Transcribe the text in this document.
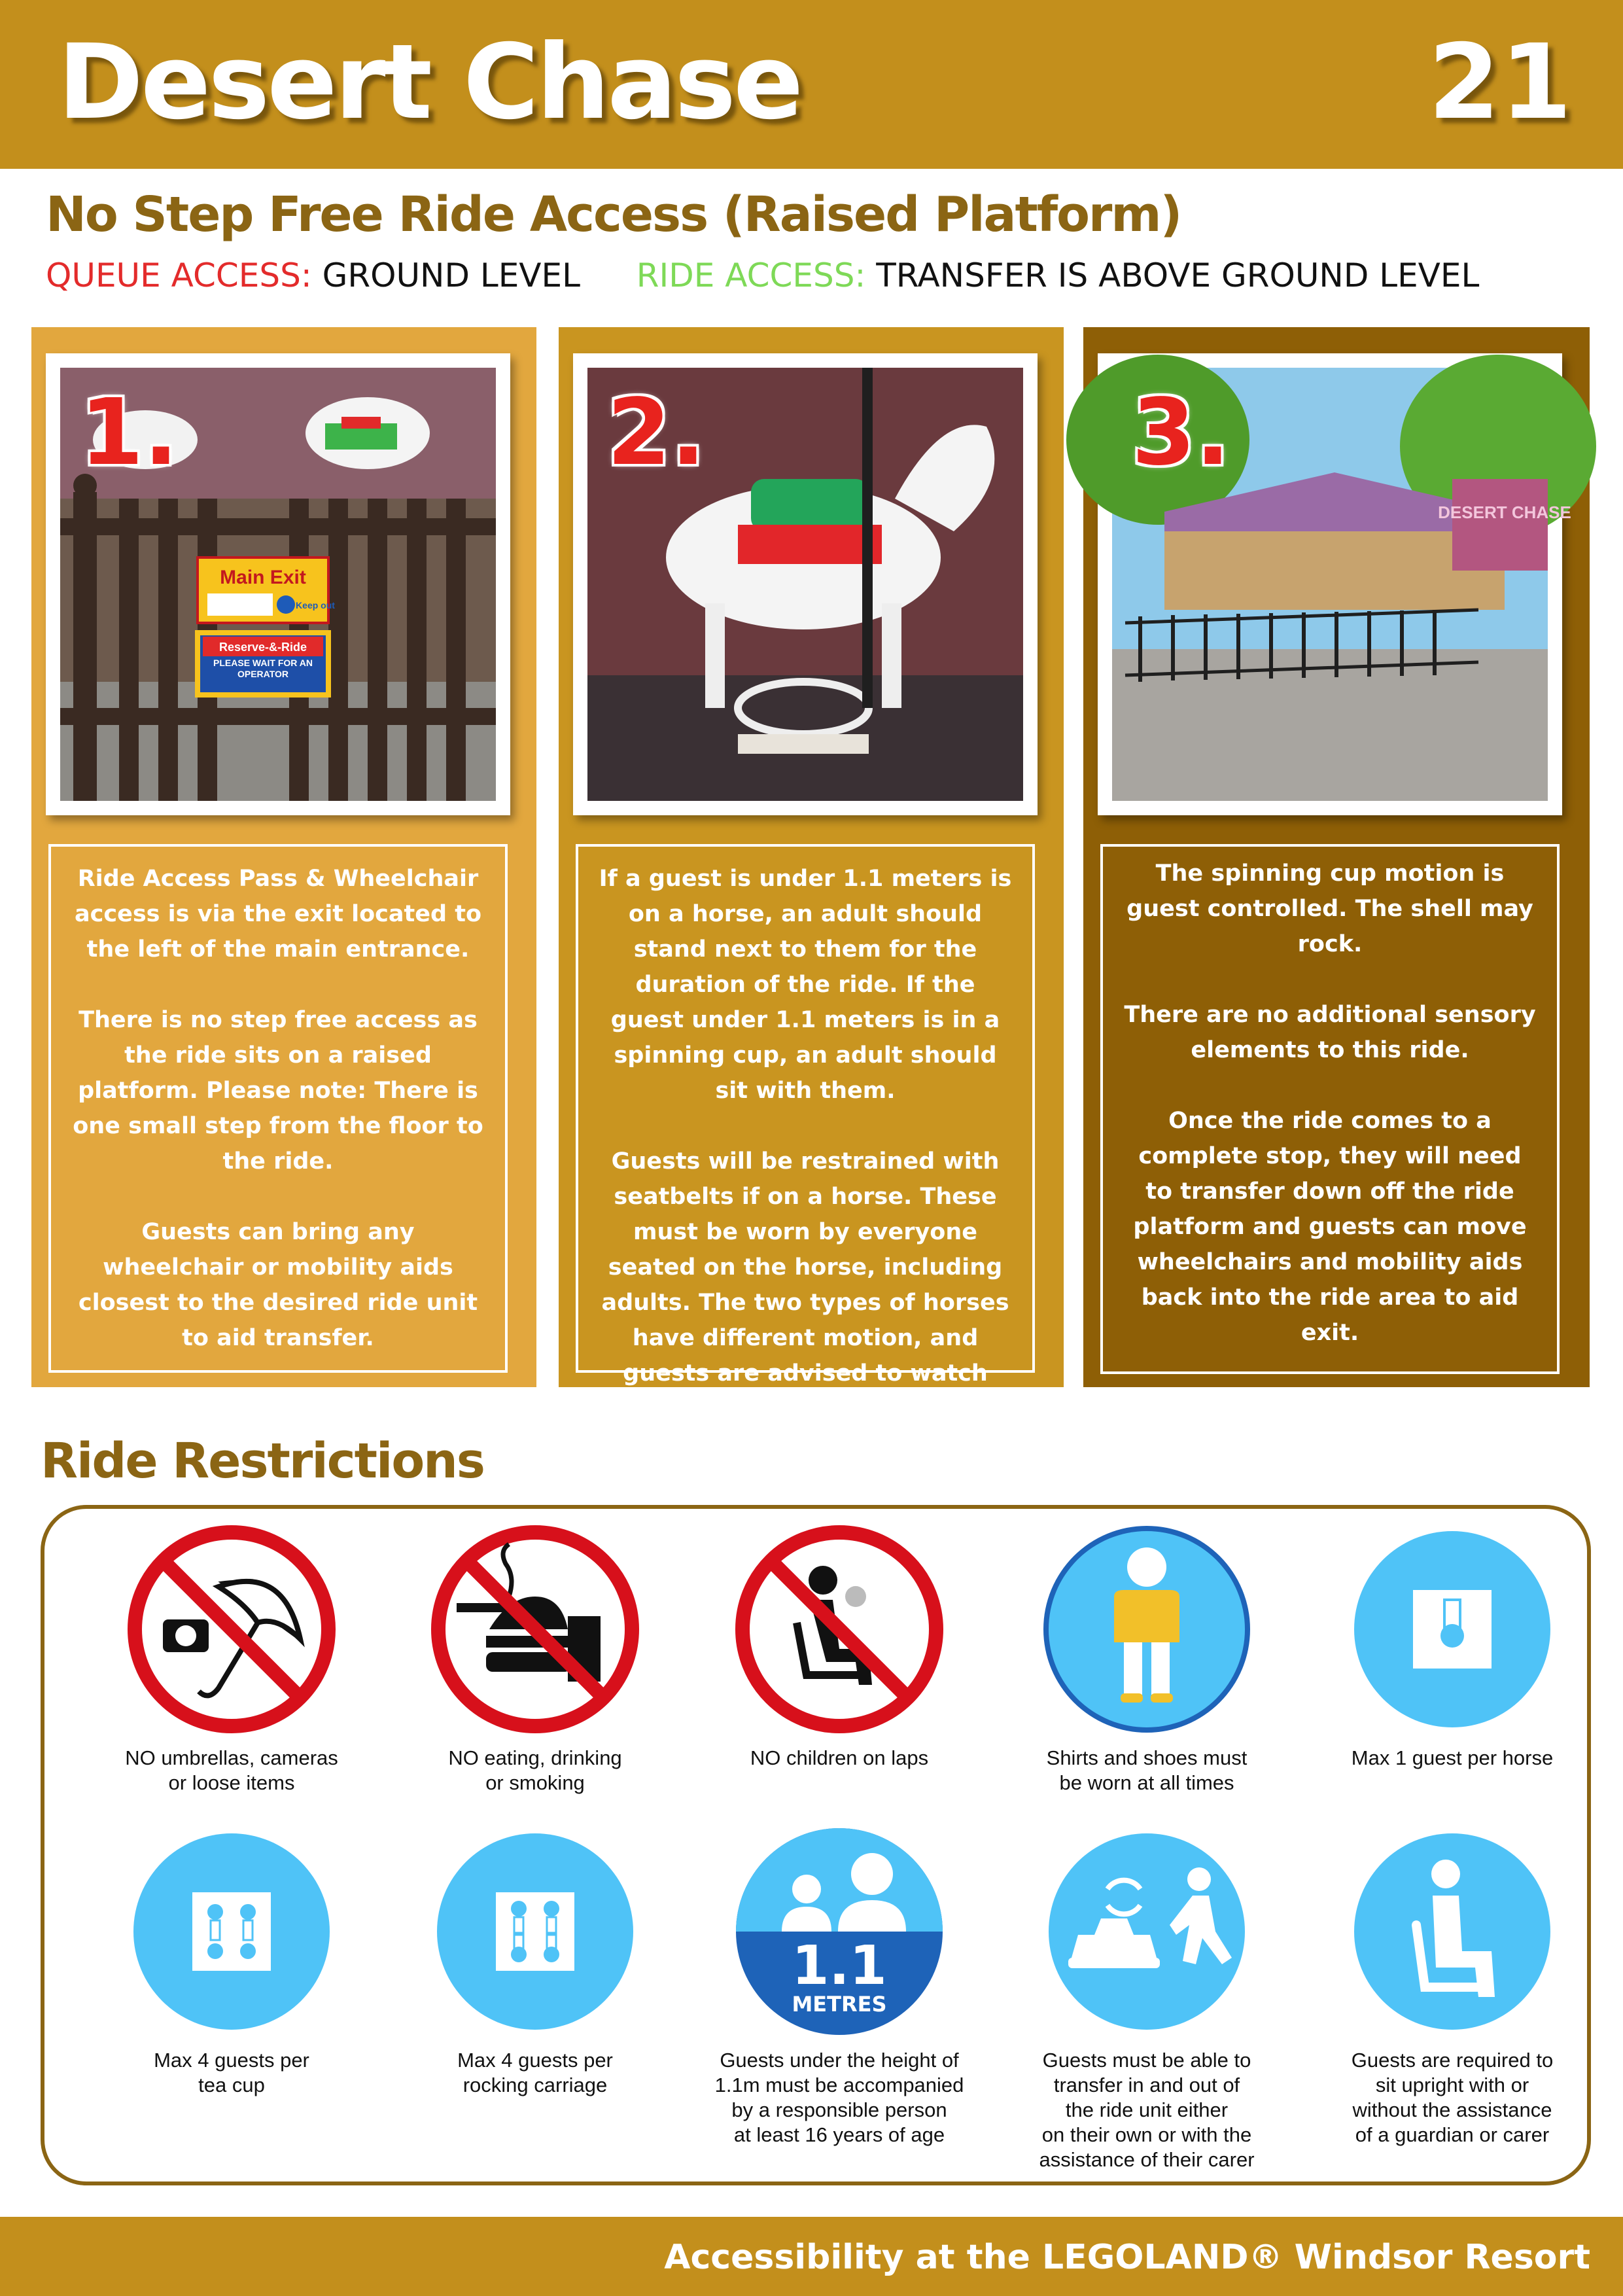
Desert Chase	21
No Step Free Ride Access (Raised Platform)
QUEUE ACCESS: GROUND LEVEL RIDE ACCESS: TRANSFER IS ABOVE GROUND LEVEL
Main Exit
Keep out
Reserve-&-Ride
PLEASE WAIT FOR AN OPERATOR
1.

Ride Access Pass & Wheelchair access is via the exit located to the left of the main entrance.

There is no step free access as the ride sits on a raised platform. Please note: There is one small step from the floor to the ride.

Guests can bring any wheelchair or mobility aids closest to the desired ride unit to aid transfer.

2.

If a guest is under 1.1 meters is on a horse, an adult should stand next to them for the duration of the ride. If the guest under 1.1 meters is in a spinning cup, an adult should sit with them.

Guests will be restrained with seatbelts if on a horse. These must be worn by everyone seated on the horse, including adults. The two types of horses have different motion, and guests are advised to watch the ride prior to boarding.

DESERT CHASE
3.

The spinning cup motion is guest controlled. The shell may rock.

There are no additional sensory elements to this ride.

Once the ride comes to a complete stop, they will need to transfer down off the ride platform and guests can move wheelchairs and mobility aids back into the ride area to aid exit.

Ride Restrictions
NO umbrellas, cameras
or loose items
NO eating, drinking
or smoking
NO children on laps	Shirts and shoes must
be worn at all times
Max 1 guest per horse
Max 4 guests per
tea cup
Max 4 guests per
rocking carriage
1.1
METRES
Guests under the height of
1.1m must be accompanied
by a responsible person
at least 16 years of age
Guests must be able to
transfer in and out of
the ride unit either
on their own or with the
assistance of their carer
Guests are required to
sit upright with or
without the assistance
of a guardian or carer
Accessibility at the LEGOLAND® Windsor Resort
